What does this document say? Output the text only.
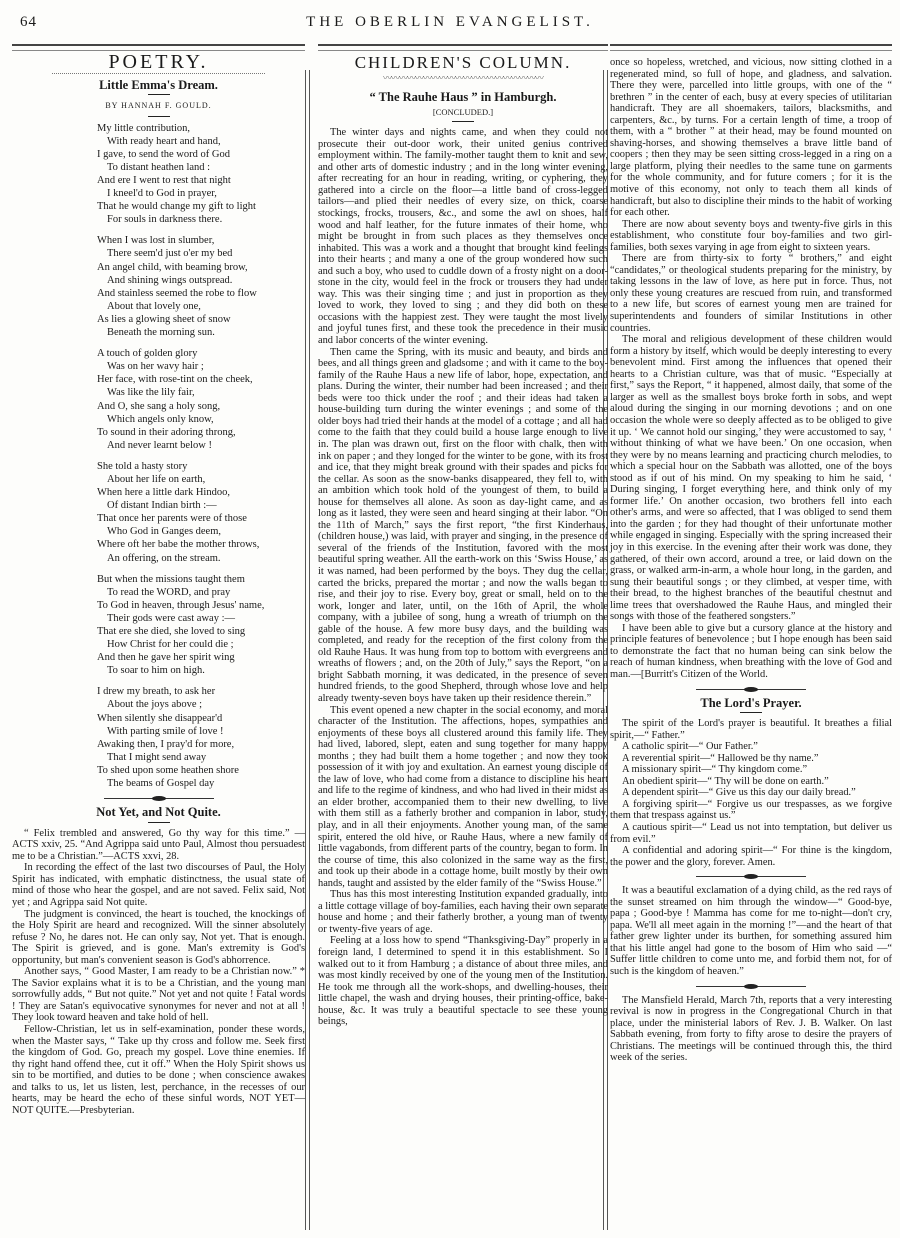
64	THE OBERLIN EVANGELIST.
POETRY.
Little Emma's Dream.
BY HANNAH F. GOULD.
My little contribution,
With ready heart and hand,
I gave, to send the word of God
To distant heathen land :
And ere I went to rest that night
I kneel'd to God in prayer,
That he would change my gift to light
For souls in darkness there.
When I was lost in slumber,
There seem'd just o'er my bed
An angel child, with beaming brow,
And shining wings outspread.
And stainless seemed the robe to flow
About that lovely one,
As lies a glowing sheet of snow
Beneath the morning sun.
A touch of golden glory
Was on her wavy hair ;
Her face, with rose-tint on the cheek,
Was like the lily fair,
And O, she sang a holy song,
Which angels only know,
To sound in their adoring throng,
And never learnt below !
She told a hasty story
About her life on earth,
When here a little dark Hindoo,
Of distant Indian birth :—
That once her parents were of those
Who God in Ganges deem,
Where oft her babe the mother throws,
An offering, on the stream.
But when the missions taught them
To read the WORD, and pray
To God in heaven, through Jesus' name,
Their gods were cast away :—
That ere she died, she loved to sing
How Christ for her could die ;
And then he gave her spirit wing
To soar to him on high.
I drew my breath, to ask her
About the joys above ;
When silently she disappear'd
With parting smile of love !
Awaking then, I pray'd for more,
That I might send away
To shed upon some heathen shore
The beams of Gospel day
Not Yet, and Not Quite.

“ Felix trembled and answered, Go thy way for this time.” —ACTS xxiv, 25. “And Agrippa said unto Paul, Almost thou persuadest me to be a Christian.”—ACTS xxvi, 28.

In recording the effect of the last two discourses of Paul, the Holy Spirit has indicated, with emphatic distinctness, the usual state of mind of those who hear the gospel, and are not saved. Felix said, Not yet ; and Agrippa said Not quite.

The judgment is convinced, the heart is touched, the knockings of the Holy Spirit are heard and recognized. Will the sinner absolutely refuse ? No, he dares not. He can only say, Not yet. That is enough. The Spirit is grieved, and is gone. Man's extremity is God's opportunity, but man's convenient season is God's abhorrence.

Another says, “ Good Master, I am ready to be a Christian now.” * The Savior explains what it is to be a Christian, and the young man sorrowfully adds, “ But not quite.” Not yet and not quite ! Fatal words ! They are Satan's equivocative synonymes for never and not at all ! They look toward heaven and take hold of hell.

Fellow-Christian, let us in self-examination, ponder these words, when the Master says, “ Take up thy cross and follow me. Seek first the kingdom of God. Go, preach my gospel. Love thine enemies. If thy right hand offend thee, cut it off.” When the Holy Spirit shows us sin to be mortified, and duties to be done ; when conscience awakes and talks to us, let us listen, lest, perchance, in the recesses of our hearts, may be heard the echo of these sinful words, NOT YET—NOT QUITE.—Presbyterian.

CHILDREN'S COLUMN.
〰〰〰〰〰〰〰〰〰〰〰〰〰〰〰〰〰〰〰〰
“ The Rauhe Haus ” in Hamburgh.
[CONCLUDED.]

The winter days and nights came, and when they could not prosecute their out-door work, their united genius contrived employment within. The family-mother taught them to knit and sew, and other arts of domestic industry ; and in the long winter evening, after recreating for an hour in reading, writing, or cyphering, they gathered into a circle on the floor—a little band of cross-legged tailors—and plied their needles of every size, on thick, coarse stockings, frocks, trousers, &c., and some the awl on shoes, half wood and half leather, for the future inmates of their home, who might be brought in from such places as they themselves once inhabited. This was a work and a thought that brought kind feelings into their hearts ; and many a one of the group wondered how such and such a boy, who used to cuddle down of a frosty night on a door-stone in the city, would feel in the frock or trousers they had under way. This was their singing time ; and just in proportion as they loved to work, they loved to sing ; and they did both on these occasions with the happiest zest. They were taught the most lively and joyful tunes first, and these took the precedence in their music and labor concerts of the winter evening.

Then came the Spring, with its music and beauty, and birds and bees, and all things green and gladsome ; and with it came to the boy-family of the Rauhe Haus a new life of labor, hope, expectation, and plans. During the winter, their number had been increased ; and their beds were too thick under the roof ; and their ideas had taken a house-building turn during the winter evenings ; and some of the older boys had tried their hands at the model of a cottage ; and all had come to the faith that they could build a house large enough to live in. The plan was drawn out, first on the floor with chalk, then with ink on paper ; and they longed for the winter to be gone, with its frost and ice, that they might break ground with their spades and picks for the cellar. As soon as the snow-banks disappeared, they fell to, with an ambition which took hold of the youngest of them, to build a house for themselves all alone. As soon as day-light came, and as long as it lasted, they were seen and heard singing at their labor. “On the 11th of March,” says the first report, “the first Kinderhaus, (children house,) was laid, with prayer and singing, in the presence of several of the friends of the Institution, favored with the most beautiful spring weather. All the earth-work on this ‘Swiss House,’ as it was named, had been performed by the boys. They dug the cellar, carted the bricks, prepared the mortar ; and now the walls began to rise, and their joy to rise. Every boy, great or small, held on to the work, longer and later, until, on the 16th of April, the whole company, with a jubilee of song, hung a wreath of triumph on the gable of the house. A few more busy days, and the building was completed, and ready for the reception of the first colony from the old Rauhe Haus. It was hung from top to bottom with evergreens and wreaths of flowers ; and, on the 20th of July,” says the Report, “on a bright Sabbath morning, it was dedicated, in the presence of seven hundred friends, to the good Shepherd, through whose love and help already twenty-seven boys have taken up their residence therein.”

This event opened a new chapter in the social economy, and moral character of the Institution. The affections, hopes, sympathies and enjoyments of these boys all clustered around this family life. They had lived, labored, slept, eaten and sung together for many happy months ; they had built them a home together ; and now they took possession of it with joy and exultation. An earnest young disciple of the law of love, who had come from a distance to discipline his heart and life to the regime of kindness, and who had lived in their midst as an elder brother, accompanied them to their new dwelling, to live with them still as a fatherly brother and companion in labor, study, play, and in all their enjoyments. Another young man, of the same spirit, entered the old hive, or Rauhe Haus, where a new family of little vagabonds, from different parts of the country, began to form. In the course of time, this also colonized in the same way as the first, and took up their abode in a cottage home, built mostly by their own hands, taught and assisted by the elder family of the “Swiss House.”

Thus has this most interesting Institution expanded gradually, into a little cottage village of boy-families, each having their own separate house and home ; and their fatherly brother, a young man of twenty or twenty-five years of age.

Feeling at a loss how to spend “Thanksgiving-Day” properly in a foreign land, I determined to spend it in this establishment. So I walked out to it from Hamburg ; a distance of about three miles, and was most kindly received by one of the young men of the Institution. He took me through all the work-shops, and dwelling-houses, their little chapel, the wash and drying houses, their printing-office, bake-house, &c. It was truly a beautiful spectacle to see these young beings,

once so hopeless, wretched, and vicious, now sitting clothed in a regenerated mind, so full of hope, and gladness, and salvation. There they were, parcelled into little groups, with one of the “ brethren ” in the center of each, busy at every species of utilitarian handicraft. They are all shoemakers, tailors, blacksmiths, and carpenters, &c., by turns. For a certain length of time, a troop of them, with a “ brother ” at their head, may be found mounted on shaving-horses, and showing themselves a brave little band of coopers ; then they may be seen sitting cross-legged in a ring on a large platform, plying their needles to the same tune on garments for the whole community, and for future comers ; for it is the motive of this economy, not only to teach them all kinds of handicraft, but also to discipline their minds to the habit of working for each other.

There are now about seventy boys and twenty-five girls in this establishment, who constitute four boy-families and two girl-families, both sexes varying in age from eight to sixteen years.

There are from thirty-six to forty “ brothers,” and eight “candidates,” or theological students preparing for the ministry, by taking lessons in the law of love, as here put in force. Thus, not only these young creatures are rescued from ruin, and transformed to a new life, but scores of earnest young men are trained for superintendents and founders of similar Institutions in other countries.

The moral and religious development of these children would form a history by itself, which would be deeply interesting to every benevolent mind. First among the influences that opened their hearts to a Christian culture, was that of music. “Especially at first,” says the Report, “ it happened, almost daily, that some of the larger as well as the smallest boys broke forth in sobs, and wept aloud during the singing in our morning devotions ; and on one occasion the whole were so deeply affected as to be obliged to give it up. ‘ We cannot hold our singing,’ they were accustomed to say, ‘ without thinking of what we have been.’ On one occasion, when they were by no means learning and practicing church melodies, to which a special hour on the Sabbath was allotted, one of the boys stood as if out of his mind. On my speaking to him he said, ‘ During singing, I forget everything here, and think only of my former life.’ On another occasion, two brothers fell into each other's arms, and were so affected, that I was obliged to send them into the garden ; for they had thought of their unfortunate mother while engaged in singing. Especially with the spring increased their joy in this exercise. In the evening after their work was done, they gathered, of their own accord, around a tree, or laid down on the grass, or walked arm-in-arm, a whole hour long, in the garden, and sung their beautiful songs ; or they climbed, at vesper time, with their bread, to the highest branches of the beautiful chestnut and lime trees that overshadowed the Rauhe Haus, and mingled their songs with those of the feathered songsters.”

I have been able to give but a cursory glance at the history and principle features of benevolence ; but I hope enough has been said to demonstrate the fact that no human being can sink below the reach of human kindness, when breathing with the love of God and man.—[Burritt's Citizen of the World.

The Lord's Prayer.

The spirit of the Lord's prayer is beautiful. It breathes a filial spirit,—“ Father.”

A catholic spirit—“ Our Father.”

A reverential spirit—“ Hallowed be thy name.”

A missionary spirit—“ Thy kingdom come.”

An obedient spirit—“ Thy will be done on earth.”

A dependent spirit—“ Give us this day our daily bread.”

A forgiving spirit—“ Forgive us our trespasses, as we forgive them that trespass against us.”

A cautious spirit—“ Lead us not into temptation, but deliver us from evil.”

A confidential and adoring spirit—“ For thine is the kingdom, the power and the glory, forever. Amen.

It was a beautiful exclamation of a dying child, as the red rays of the sunset streamed on him through the window—“ Good-bye, papa ; Good-bye ! Mamma has come for me to-night—don't cry, papa. We'll all meet again in the morning !”—and the heart of that father grew lighter under its burthen, for something assured him that his little angel had gone to the bosom of Him who said —“ Suffer little children to come unto me, and forbid them not, for of such is the kingdom of heaven.”

The Mansfield Herald, March 7th, reports that a very interesting revival is now in progress in the Congregational Church in that place, under the ministerial labors of Rev. J. B. Walker. On last Sabbath evening, from forty to fifty arose to desire the prayers of Christians. The meetings will be continued through this, the third week of the series.
